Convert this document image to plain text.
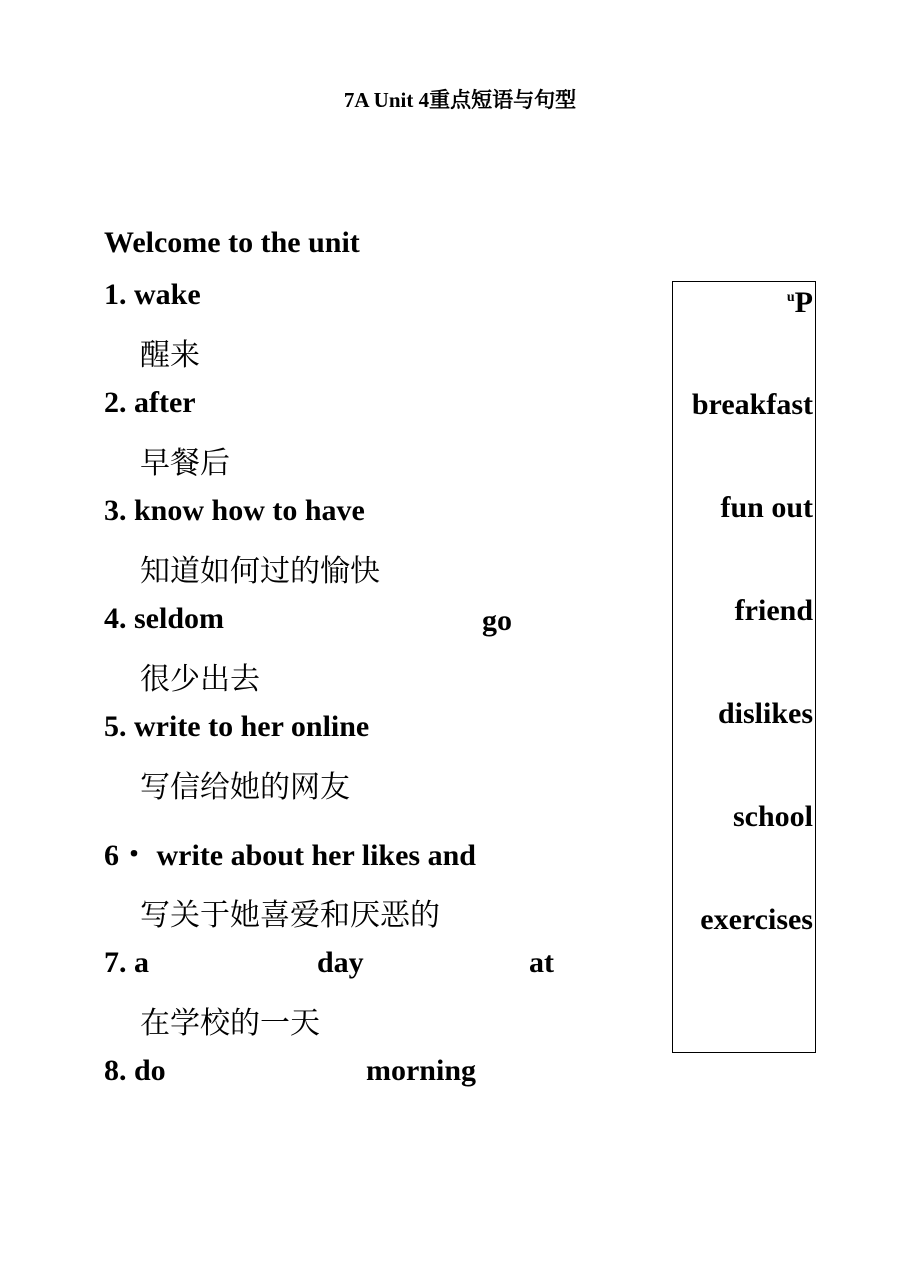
7A Unit 4重点短语与句型
Welcome to the unit
1. wake
醒来
2. after
早餐后
3. know how to have
知道如何过的愉快
4. seldom	go
很少出去
5. write to her online
写信给她的网友
6・ write about her likes and
写关于她喜爱和厌恶的
7. a	day	at
在学校的一天
8. do	morning
$^u$P
breakfast
fun out
friend
dislikes
school
exercises
